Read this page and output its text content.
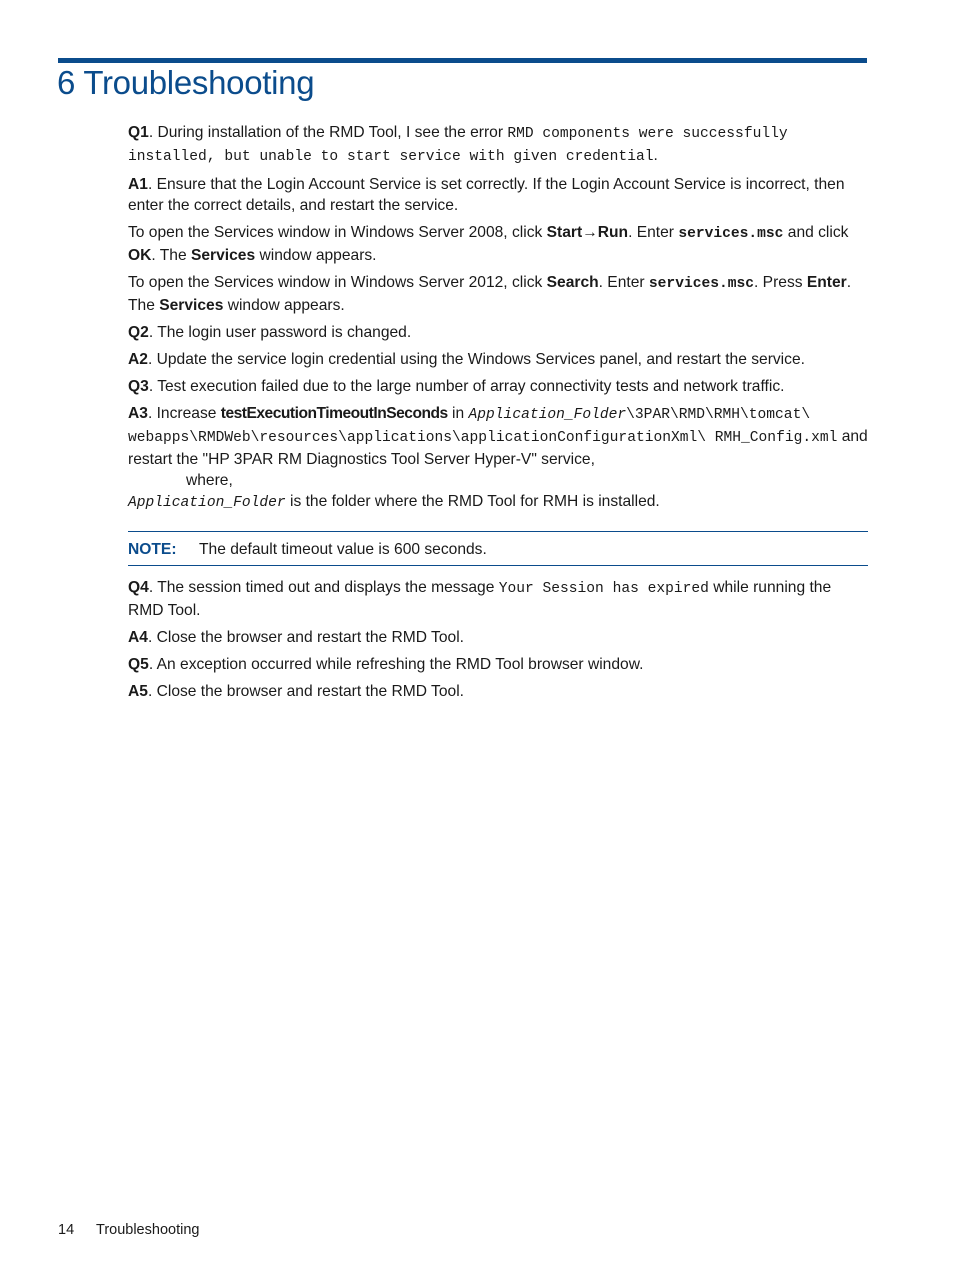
6 Troubleshooting

Q1. During installation of the RMD Tool, I see the error RMD components were successfully installed, but unable to start service with given credential.

A1. Ensure that the Login Account Service is set correctly. If the Login Account Service is incorrect, then enter the correct details, and restart the service.

To open the Services window in Windows Server 2008, click Start→Run. Enter services.msc and click OK. The Services window appears.

To open the Services window in Windows Server 2012, click Search. Enter services.msc. Press Enter. The Services window appears.

Q2. The login user password is changed.

A2. Update the service login credential using the Windows Services panel, and restart the service.

Q3. Test execution failed due to the large number of array connectivity tests and network traffic.

A3. Increase testExecutionTimeoutInSeconds in Application_Folder\3PAR\RMD\RMH\tomcat\ webapps\RMDWeb\resources\applications\applicationConfigurationXml\ RMH_Config.xml and restart the "HP 3PAR RM Diagnostics Tool Server Hyper-V" service,

where,

Application_Folder is the folder where the RMD Tool for RMH is installed.

NOTE:	The default timeout value is 600 seconds.

Q4. The session timed out and displays the message Your Session has expired while running the RMD Tool.

A4. Close the browser and restart the RMD Tool.

Q5. An exception occurred while refreshing the RMD Tool browser window.

A5. Close the browser and restart the RMD Tool.

14 Troubleshooting
